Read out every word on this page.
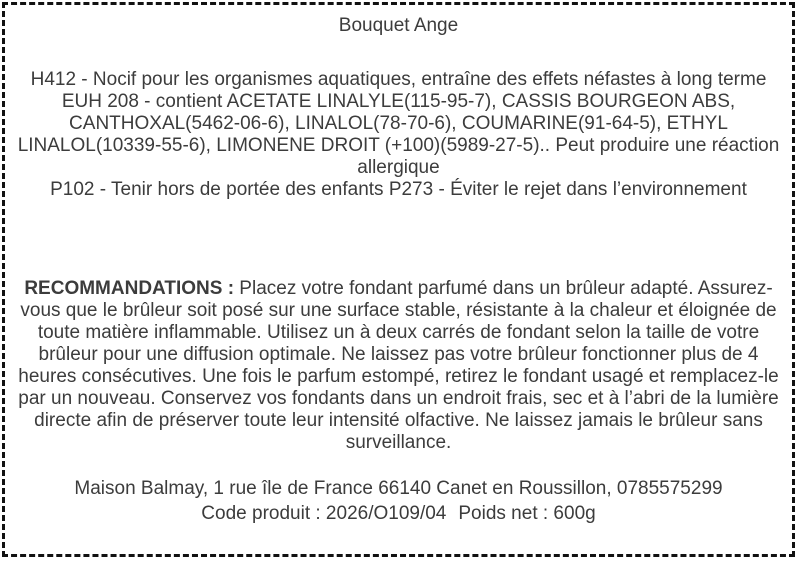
Bouquet Ange

H412 - Nocif pour les organismes aquatiques, entraîne des effets néfastes à long terme

EUH 208 - contient ACETATE LINALYLE(115-95-7), CASSIS BOURGEON ABS, CANTHOXAL(5462-06-6), LINALOL(78-70-6), COUMARINE(91-64-5), ETHYL LINALOL(10339-55-6), LIMONENE DROIT (+100)(5989-27-5).. Peut produire une réaction allergique

P102 - Tenir hors de portée des enfants P273 - Éviter le rejet dans l’environnement

RECOMMANDATIONS : Placez votre fondant parfumé dans un brûleur adapté. Assurez-vous que le brûleur soit posé sur une surface stable, résistante à la chaleur et éloignée de toute matière inflammable. Utilisez un à deux carrés de fondant selon la taille de votre brûleur pour une diffusion optimale. Ne laissez pas votre brûleur fonctionner plus de 4 heures consécutives. Une fois le parfum estompé, retirez le fondant usagé et remplacez-le par un nouveau. Conservez vos fondants dans un endroit frais, sec et à l’abri de la lumière directe afin de préserver toute leur intensité olfactive. Ne laissez jamais le brûleur sans surveillance.

Maison Balmay, 1 rue île de France 66140 Canet en Roussillon, 0785575299
Code produit : 2026/O109/04 Poids net : 600g
